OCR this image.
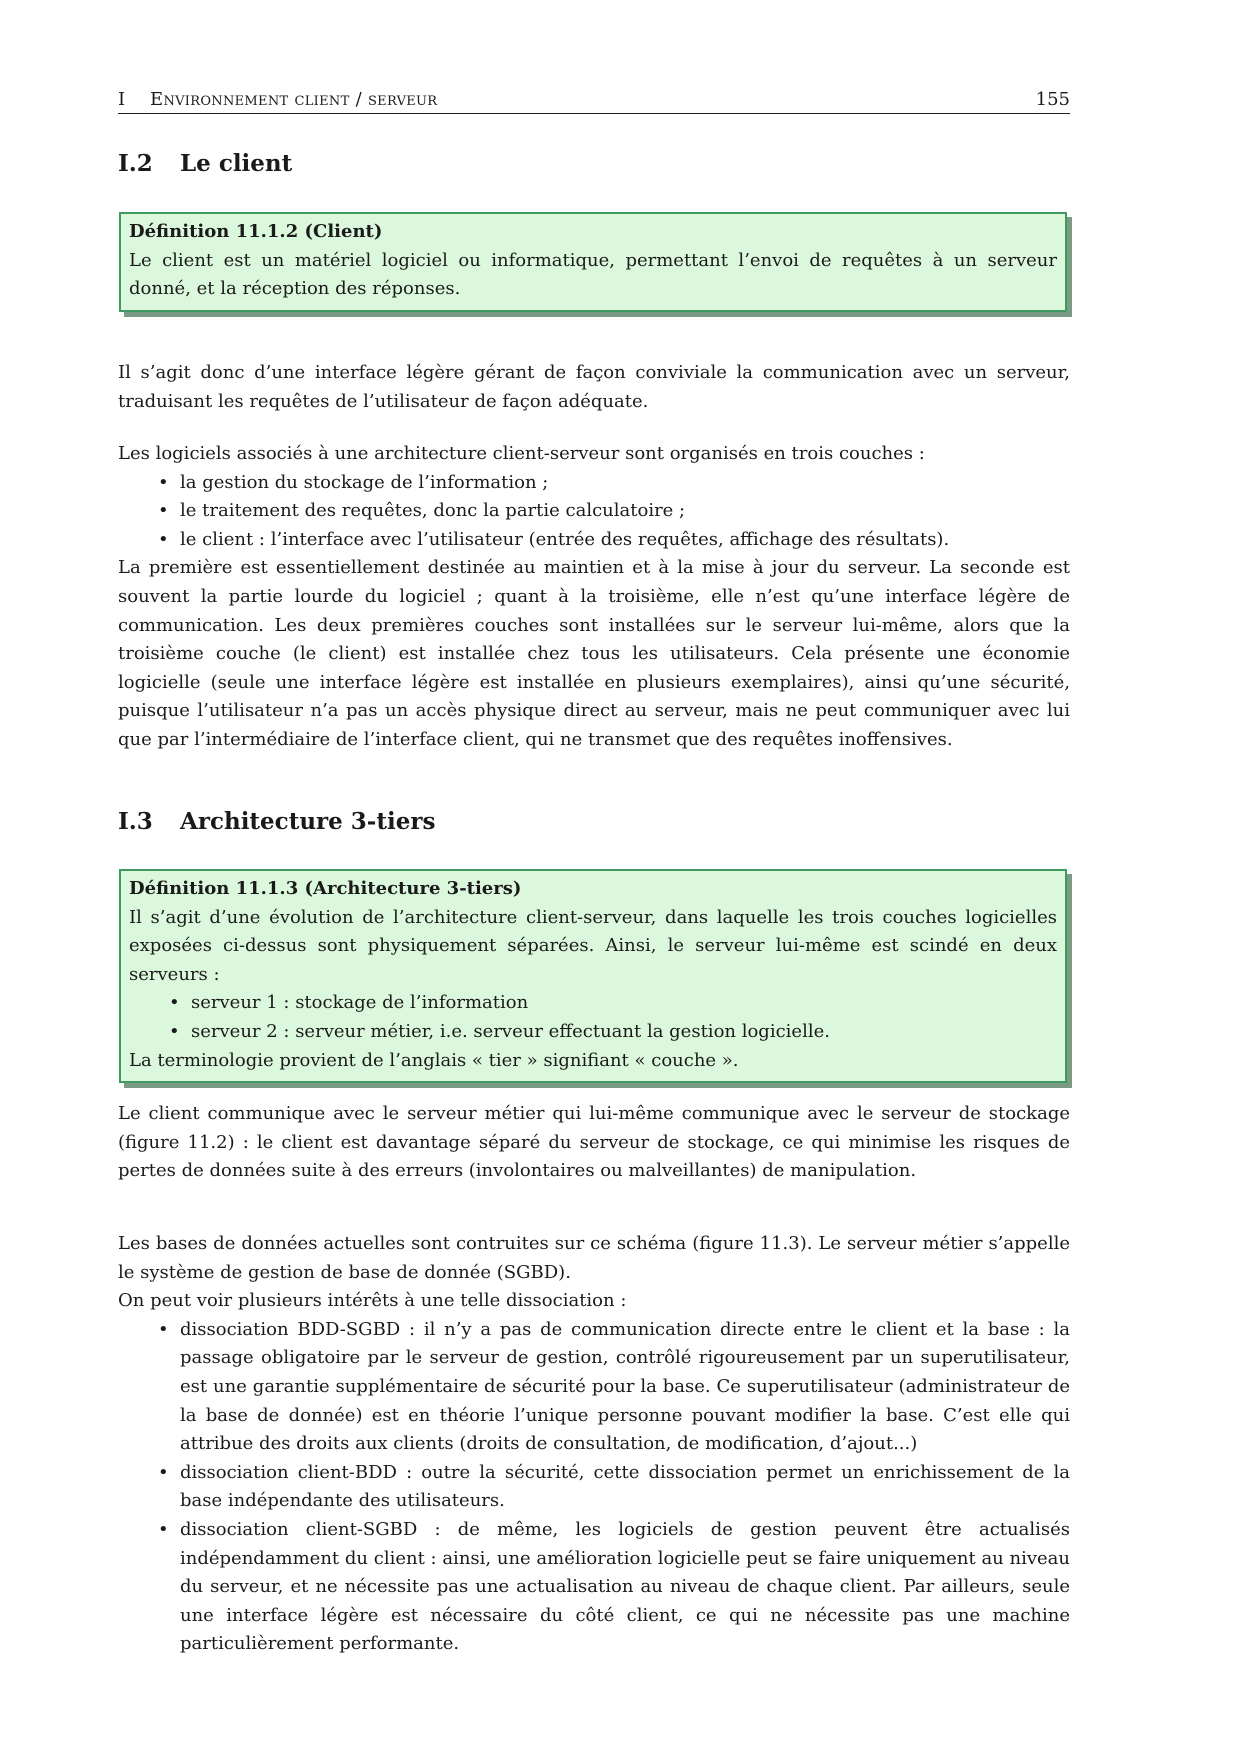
I Environnement client / serveur	155
I.2 Le client
Définition 11.1.2 (Client)

Le client est un matériel logiciel ou informatique, permettant l’envoi de requêtes à un serveur donné, et la réception des réponses.

Il s’agit donc d’une interface légère gérant de façon conviviale la communication avec un serveur, traduisant les requêtes de l’utilisateur de façon adéquate.

Les logiciels associés à une architecture client-serveur sont organisés en trois couches :

• la gestion du stockage de l’information ;
• le traitement des requêtes, donc la partie calculatoire ;
• le client : l’interface avec l’utilisateur (entrée des requêtes, affichage des résultats).

La première est essentiellement destinée au maintien et à la mise à jour du serveur. La seconde est souvent la partie lourde du logiciel ; quant à la troisième, elle n’est qu’une interface légère de communication. Les deux premières couches sont installées sur le serveur lui-même, alors que la troisième couche (le client) est installée chez tous les utilisateurs. Cela présente une économie logicielle (seule une interface légère est installée en plusieurs exemplaires), ainsi qu’une sécurité, puisque l’utilisateur n’a pas un accès physique direct au serveur, mais ne peut communiquer avec lui que par l’intermédiaire de l’interface client, qui ne transmet que des requêtes inoffensives.

I.3 Architecture 3-tiers
Définition 11.1.3 (Architecture 3-tiers)

Il s’agit d’une évolution de l’architecture client-serveur, dans laquelle les trois couches logicielles exposées ci-dessus sont physiquement séparées. Ainsi, le serveur lui-même est scindé en deux serveurs :

• serveur 1 : stockage de l’information
• serveur 2 : serveur métier, i.e. serveur effectuant la gestion logicielle.

La terminologie provient de l’anglais « tier » signifiant « couche ».

Le client communique avec le serveur métier qui lui-même communique avec le serveur de stockage (figure 11.2) : le client est davantage séparé du serveur de stockage, ce qui minimise les risques de pertes de données suite à des erreurs (involontaires ou malveillantes) de manipulation.

Les bases de données actuelles sont contruites sur ce schéma (figure 11.3). Le serveur métier s’appelle le système de gestion de base de donnée (SGBD).

On peut voir plusieurs intérêts à une telle dissociation :

• dissociation BDD-SGBD : il n’y a pas de communication directe entre le client et la base : la passage obligatoire par le serveur de gestion, contrôlé rigoureusement par un superutilisateur, est une garantie supplémentaire de sécurité pour la base. Ce superutilisateur (administrateur de la base de donnée) est en théorie l’unique personne pouvant modifier la base. C’est elle qui attribue des droits aux clients (droits de consultation, de modification, d’ajout...)
• dissociation client-BDD : outre la sécurité, cette dissociation permet un enrichissement de la base indépendante des utilisateurs.
• dissociation client-SGBD : de même, les logiciels de gestion peuvent être actualisés indépendamment du client : ainsi, une amélioration logicielle peut se faire uniquement au niveau du serveur, et ne nécessite pas une actualisation au niveau de chaque client. Par ailleurs, seule une interface légère est nécessaire du côté client, ce qui ne nécessite pas une machine particulièrement performante.
